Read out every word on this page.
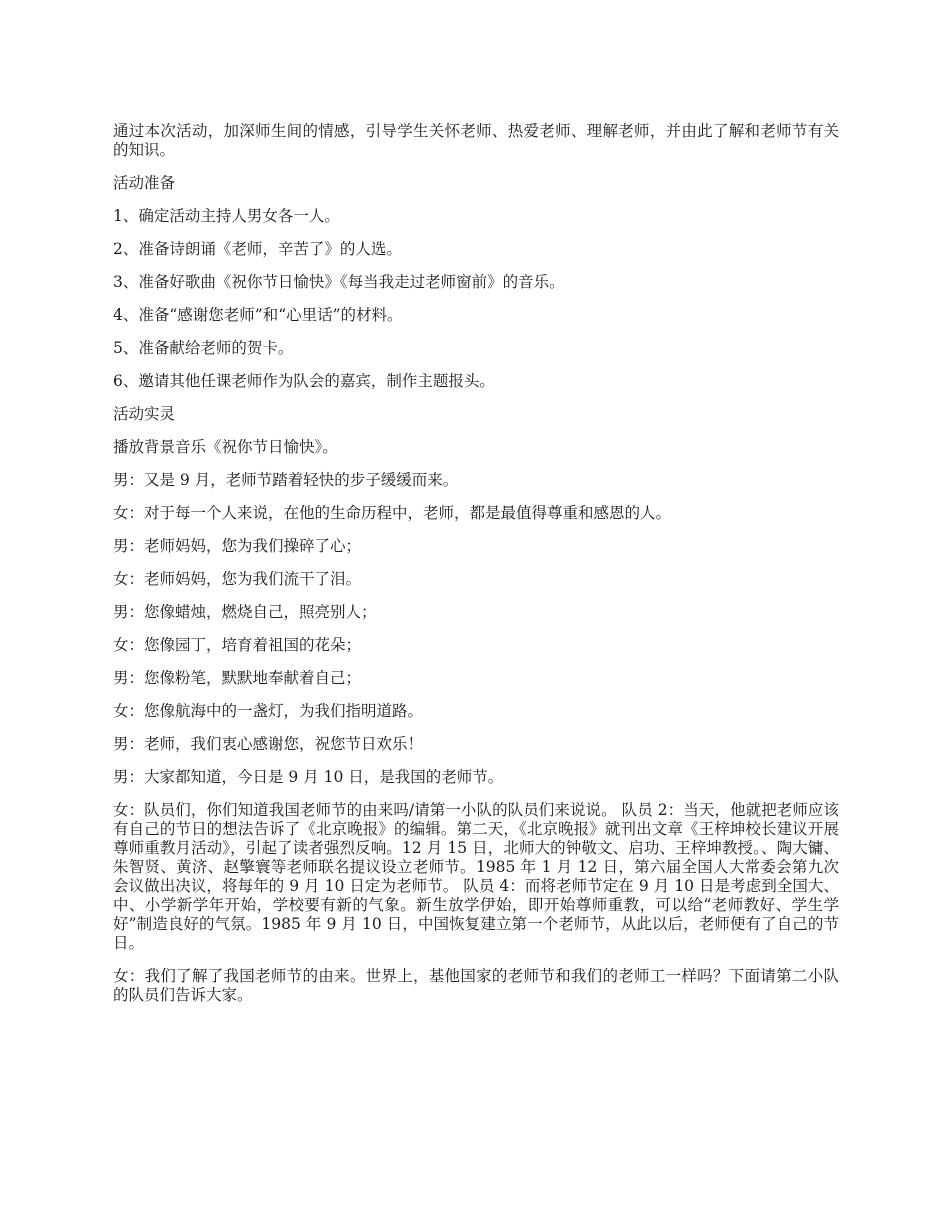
通过本次活动，加深师生间的情感，引导学生关怀老师、热爱老师、理解老师，并由此了解和老师节有关的知识。

活动准备

1、确定活动主持人男女各一人。

2、准备诗朗诵《老师，辛苦了》的人选。

3、准备好歌曲《祝你节日愉快》《每当我走过老师窗前》的音乐。

4、准备“感谢您老师”和“心里话”的材料。

5、准备献给老师的贺卡。

6、邀请其他任课老师作为队会的嘉宾，制作主题报头。

活动实灵

播放背景音乐《祝你节日愉快》。

男：又是 9 月，老师节踏着轻快的步子缓缓而来。

女：对于每一个人来说，在他的生命历程中，老师，都是最值得尊重和感恩的人。

男：老师妈妈，您为我们操碎了心；

女：老师妈妈，您为我们流干了泪。

男：您像蜡烛，燃烧自己，照亮别人；

女：您像园丁，培育着祖国的花朵；

男：您像粉笔，默默地奉献着自己；

女：您像航海中的一盏灯，为我们指明道路。

男：老师，我们衷心感谢您，祝您节日欢乐！

男：大家都知道，今日是 9 月 10 日，是我国的老师节。

女：队员们，你们知道我国老师节的由来吗/请第一小队的队员们来说说。 队员 2：当天，他就把老师应该有自己的节日的想法告诉了《北京晚报》的编辑。第二天，《北京晚报》就刊出文章《王梓坤校长建议开展尊师重教月活动》，引起了读者强烈反响。12 月 15 日，北师大的钟敬文、启功、王梓坤教授。、陶大镛、朱智贤、黄济、赵擎寰等老师联名提议设立老师节。1985 年 1 月 12 日，第六届全国人大常委会第九次会议做出决议，将每年的 9 月 10 日定为老师节。 队员 4：而将老师节定在 9 月 10 日是考虑到全国大、中、小学新学年开始，学校要有新的气象。新生放学伊始，即开始尊师重教，可以给“老师教好、学生学好”制造良好的气氛。1985 年 9 月 10 日，中国恢复建立第一个老师节，从此以后，老师便有了自己的节日。

女：我们了解了我国老师节的由来。世界上，基他国家的老师节和我们的老师工一样吗？下面请第二小队的队员们告诉大家。
